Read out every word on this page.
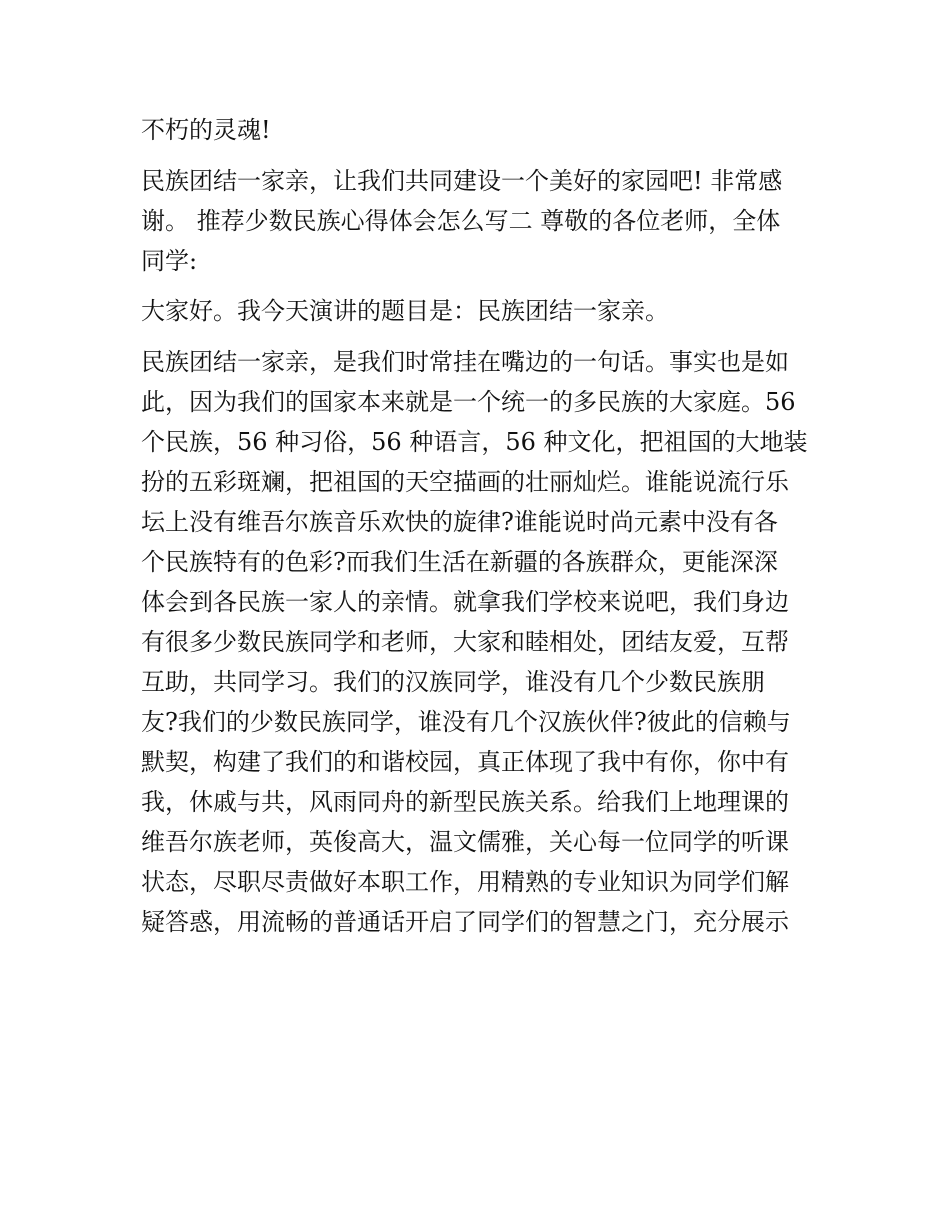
不朽的灵魂!

民族团结一家亲，让我们共同建设一个美好的家园吧! 非常感

谢。 推荐少数民族心得体会怎么写二 尊敬的各位老师，全体

同学:

大家好。我今天演讲的题目是：民族团结一家亲。

民族团结一家亲，是我们时常挂在嘴边的一句话。事实也是如

此，因为我们的国家本来就是一个统一的多民族的大家庭。56

个民族，56 种习俗，56 种语言，56 种文化，把祖国的大地装

扮的五彩斑斓，把祖国的天空描画的壮丽灿烂。谁能说流行乐

坛上没有维吾尔族音乐欢快的旋律?谁能说时尚元素中没有各

个民族特有的色彩?而我们生活在新疆的各族群众，更能深深

体会到各民族一家人的亲情。就拿我们学校来说吧，我们身边

有很多少数民族同学和老师，大家和睦相处，团结友爱，互帮

互助，共同学习。我们的汉族同学，谁没有几个少数民族朋

友?我们的少数民族同学，谁没有几个汉族伙伴?彼此的信赖与

默契，构建了我们的和谐校园，真正体现了我中有你，你中有

我，休戚与共，风雨同舟的新型民族关系。给我们上地理课的

维吾尔族老师，英俊高大，温文儒雅，关心每一位同学的听课

状态，尽职尽责做好本职工作，用精熟的专业知识为同学们解

疑答惑，用流畅的普通话开启了同学们的智慧之门，充分展示
